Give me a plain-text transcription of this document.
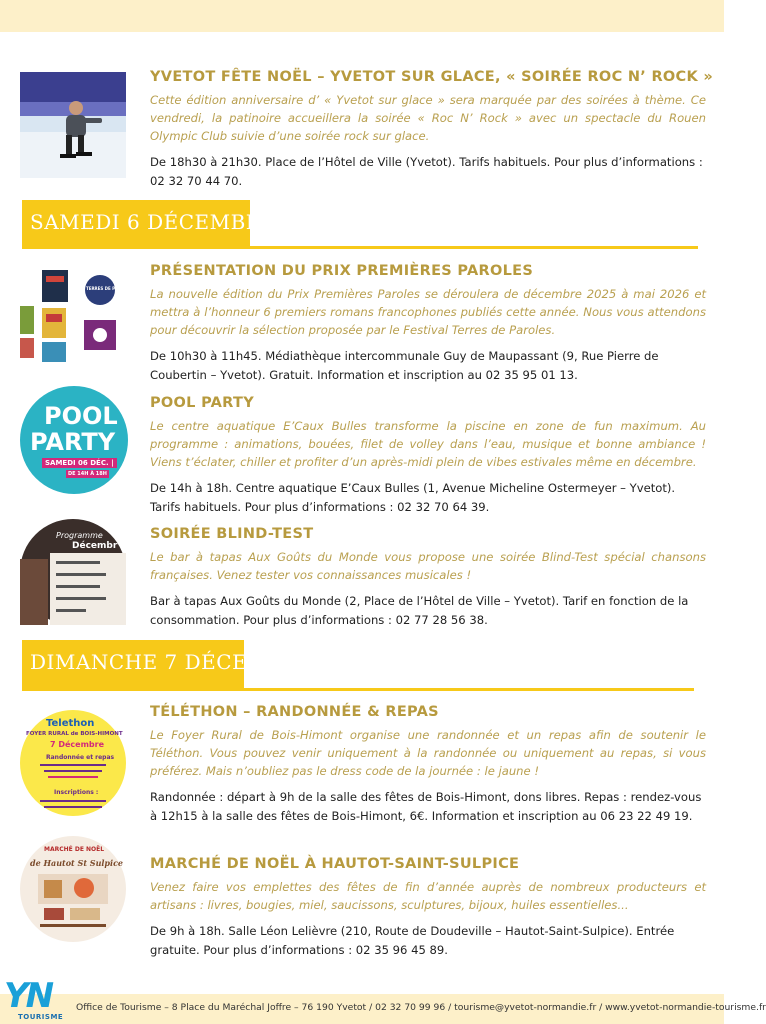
YVETOT FÊTE NOËL – YVETOT SUR GLACE, « SOIRÉE ROC N’ ROCK »

Cette édition anniversaire d’ « Yvetot sur glace » sera marquée par des soirées à thème. Ce vendredi, la patinoire accueillera la soirée « Roc N’ Rock » avec un spectacle du Rouen Olympic Club suivie d’une soirée rock sur glace.

De 18h30 à 21h30. Place de l’Hôtel de Ville (Yvetot). Tarifs habituels. Pour plus d’informations : 02 32 70 44 70.

SAMEDI 6 DÉCEMBRE
TERRES DE PAROLES
PRÉSENTATION DU PRIX PREMIÈRES PAROLES

La nouvelle édition du Prix Premières Paroles se déroulera de décembre 2025 à mai 2026 et mettra à l’honneur 6 premiers romans francophones publiés cette année. Nous vous attendons pour découvrir la sélection proposée par le Festival Terres de Paroles.

De 10h30 à 11h45. Médiathèque intercommunale Guy de Maupassant (9, Rue Pierre de Coubertin – Yvetot). Gratuit. Information et inscription au 02 35 95 01 13.

POOL
PARTY
SAMEDI 06 DÉC. |
DE 14H À 18H
POOL PARTY

Le centre aquatique E’Caux Bulles transforme la piscine en zone de fun maximum. Au programme : animations, bouées, filet de volley dans l’eau, musique et bonne ambiance ! Viens t’éclater, chiller et profiter d’un après-midi plein de vibes estivales même en décembre.

De 14h à 18h. Centre aquatique E’Caux Bulles (1, Avenue Micheline Ostermeyer – Yvetot). Tarifs habituels. Pour plus d’informations : 02 32 70 64 39.

Programme
Décembr
SOIRÉE BLIND-TEST

Le bar à tapas Aux Goûts du Monde vous propose une soirée Blind-Test spécial chansons françaises. Venez tester vos connaissances musicales !

Bar à tapas Aux Goûts du Monde (2, Place de l’Hôtel de Ville – Yvetot). Tarif en fonction de la consommation. Pour plus d’informations : 02 77 28 56 38.

DIMANCHE 7 DÉCEMBRE
Telethon
FOYER RURAL de BOIS-HIMONT
7 Décembre
Randonnée et repas
Inscriptions :
TÉLÉTHON – RANDONNÉE & REPAS

Le Foyer Rural de Bois-Himont organise une randonnée et un repas afin de soutenir le Téléthon. Vous pouvez venir uniquement à la randonnée ou uniquement au repas, si vous préférez. Mais n’oubliez pas le dress code de la journée : le jaune !

Randonnée : départ à 9h de la salle des fêtes de Bois-Himont, dons libres. Repas : rendez-vous à 12h15 à la salle des fêtes de Bois-Himont, 6€. Information et inscription au 06 23 22 49 19.

MARCHÉ DE NOËL
de Hautot St Sulpice MARCHÉ DE NOËL À HAUTOT-SAINT-SULPICE

Venez faire vos emplettes des fêtes de fin d’année auprès de nombreux producteurs et artisans : livres, bougies, miel, saucissons, sculptures, bijoux, huiles essentielles...

De 9h à 18h. Salle Léon Lelièvre (210, Route de Doudeville – Hautot-Saint-Sulpice). Entrée gratuite. Pour plus d’informations : 02 35 96 45 89.

Office de Tourisme – 8 Place du Maréchal Joffre – 76 190 Yvetot / 02 32 70 99 96 / tourisme@yvetot-normandie.fr / www.yvetot-normandie-tourisme.fr
YN
TOURISME
